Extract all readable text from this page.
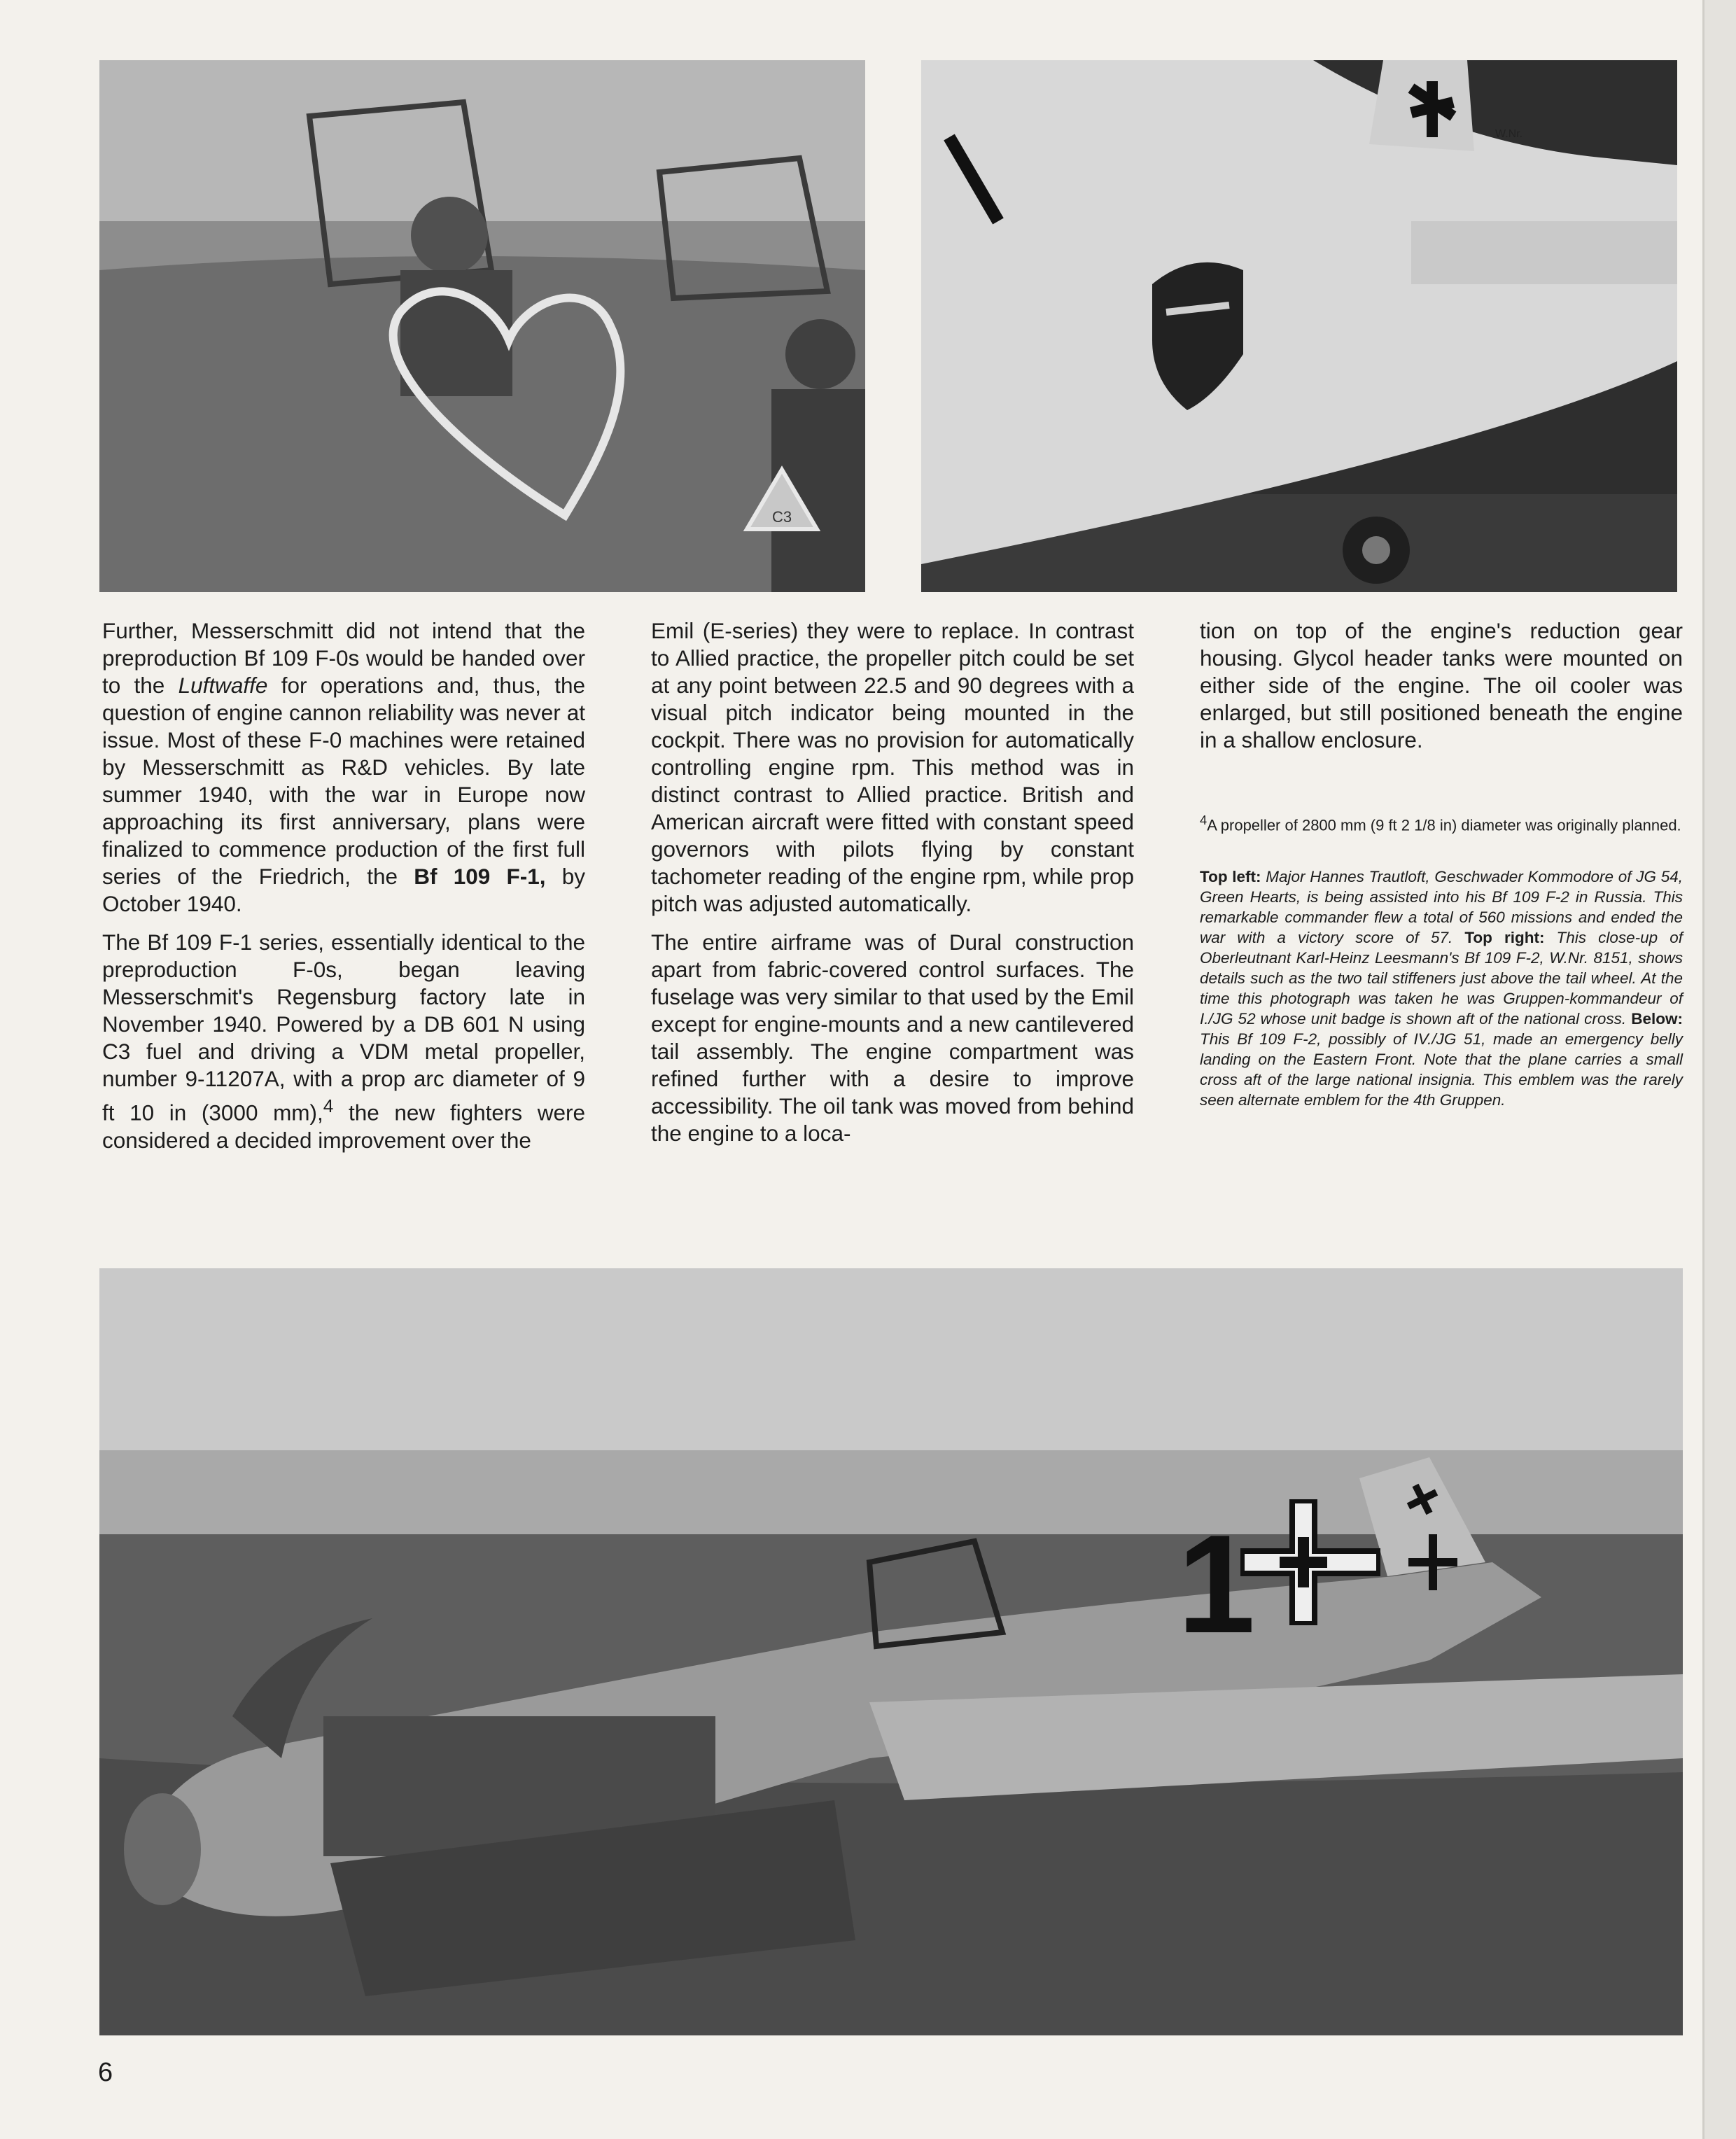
C3
W.Nr.

Further, Messerschmitt did not intend that the preproduction Bf 109 F-0s would be handed over to the Luftwaffe for operations and, thus, the question of engine cannon reliability was never at issue. Most of these F-0 machines were retained by Messerschmitt as R&D vehicles. By late summer 1940, with the war in Europe now approaching its first anniversary, plans were finalized to commence production of the first full series of the Friedrich, the Bf 109 F-1, by October 1940.

The Bf 109 F-1 series, essentially identical to the preproduction F-0s, began leaving Messerschmit's Regensburg factory late in November 1940. Powered by a DB 601 N using C3 fuel and driving a VDM metal propeller, number 9-11207A, with a prop arc diameter of 9 ft 10 in (3000 mm),$^4$ the new fighters were considered a decided improvement over the

Emil (E-series) they were to replace. In contrast to Allied practice, the propeller pitch could be set at any point between 22.5 and 90 degrees with a visual pitch indicator being mounted in the cockpit. There was no provision for automatically controlling engine rpm. This method was in distinct contrast to Allied practice. British and American aircraft were fitted with constant speed governors with pilots flying by constant tachometer reading of the engine rpm, while prop pitch was adjusted automatically.

The entire airframe was of Dural construction apart from fabric-covered control surfaces. The fuselage was very similar to that used by the Emil except for engine-mounts and a new cantilevered tail assembly. The engine compartment was refined further with a desire to improve accessibility. The oil tank was moved from behind the engine to a loca-

tion on top of the engine's reduction gear housing. Glycol header tanks were mounted on either side of the engine. The oil cooler was enlarged, but still positioned beneath the engine in a shallow enclosure.

$^4$A propeller of 2800 mm (9 ft 2 1/8 in) diameter was originally planned.
Top left: Major Hannes Trautloft, Geschwader Kommodore of JG 54, Green Hearts, is being assisted into his Bf 109 F-2 in Russia. This remarkable commander flew a total of 560 missions and ended the war with a victory score of 57. Top right: This close-up of Oberleutnant Karl-Heinz Leesmann's Bf 109 F-2, W.Nr. 8151, shows details such as the two tail stiffeners just above the tail wheel. At the time this photograph was taken he was Gruppen-kommandeur of I./JG 52 whose unit badge is shown aft of the national cross. Below: This Bf 109 F-2, possibly of IV./JG 51, made an emergency belly landing on the Eastern Front. Note that the plane carries a small cross aft of the large national insignia. This emblem was the rarely seen alternate emblem for the 4th Gruppen.
1
6
